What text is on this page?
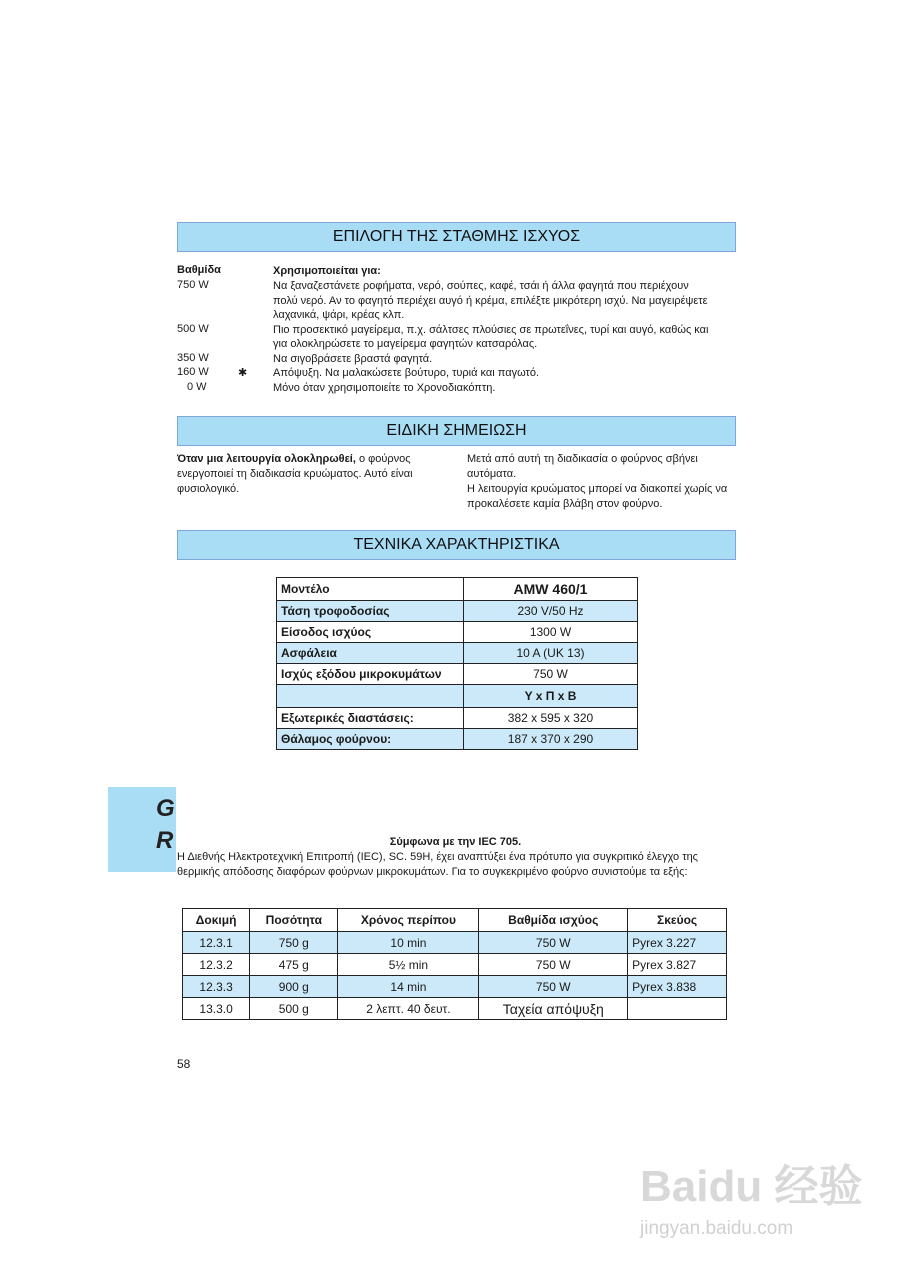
ΕΠΙΛΟΓΗ ΤΗΣ ΣΤΑΘΜΗΣ ΙΣΧΥΟΣ
Βαθμίδα	Χρησιμοποιείται για:
750 W	Να ξαναζεστάνετε ροφήματα, νερό, σούπες, καφέ, τσάι ή άλλα φαγητά που περιέχουν
πολύ νερό. Αν το φαγητό περιέχει αυγό ή κρέμα, επιλέξτε μικρότερη ισχύ. Να μαγειρέψετε
λαχανικά, ψάρι, κρέας κλπ.
500 W	Πιο προσεκτικό μαγείρεμα, π.χ. σάλτσες πλούσιες σε πρωτεΐνες, τυρί και αυγό, καθώς και
για ολοκληρώσετε το μαγείρεμα φαγητών κατσαρόλας.
350 W	Να σιγοβράσετε βραστά φαγητά.
160 W	✱ Απόψυξη. Να μαλακώσετε βούτυρο, τυριά και παγωτό.
0 W	Μόνο όταν χρησιμοποιείτε το Χρονοδιακόπτη.
ΕΙΔΙΚΗ ΣΗΜΕΙΩΣΗ
Όταν μια λειτουργία ολοκληρωθεί, ο φούρνος ενεργοποιεί τη διαδικασία κρυώματος. Αυτό είναι φυσιολογικό.
Μετά από αυτή τη διαδικασία ο φούρνος σβήνει αυτόματα.
Η λειτουργία κρυώματος μπορεί να διακοπεί χωρίς να προκαλέσετε καμία βλάβη στον φούρνο.
ΤΕΧΝΙΚΑ ΧΑΡΑΚΤΗΡΙΣΤΙΚΑ
Μοντέλο	AMW 460/1
Τάση τροφοδοσίας	230 V/50 Hz
Είσοδος ισχύος	1300 W
Ασφάλεια	10 A (UK 13)
Ισχύς εξόδου μικροκυμάτων	750 W
	Y x Π x B
Εξωτερικές διαστάσεις:	382 x 595 x 320
Θάλαμος φούρνου:	187 x 370 x 290
G
R	Σύμφωνα με την IEC 705.
Η Διεθνής Ηλεκτροτεχνική Επιτροπή (IEC), SC. 59H, έχει αναπτύξει ένα πρότυπο για συγκριτικό έλεγχο της
θερμικής απόδοσης διαφόρων φούρνων μικροκυμάτων. Για το συγκεκριμένο φούρνο συνιστούμε τα εξής:
Δοκιμή	Ποσότητα	Χρόνος περίπου	Βαθμίδα ισχύος	Σκεύος
12.3.1	750 g	10 min	750 W	Pyrex 3.227
12.3.2	475 g	5½ min	750 W	Pyrex 3.827
12.3.3	900 g	14 min	750 W	Pyrex 3.838
13.3.0	500 g	2 λεπτ. 40 δευτ.	Ταχεία απόψυξη	
58
Baidu 经验
jingyan.baidu.com
